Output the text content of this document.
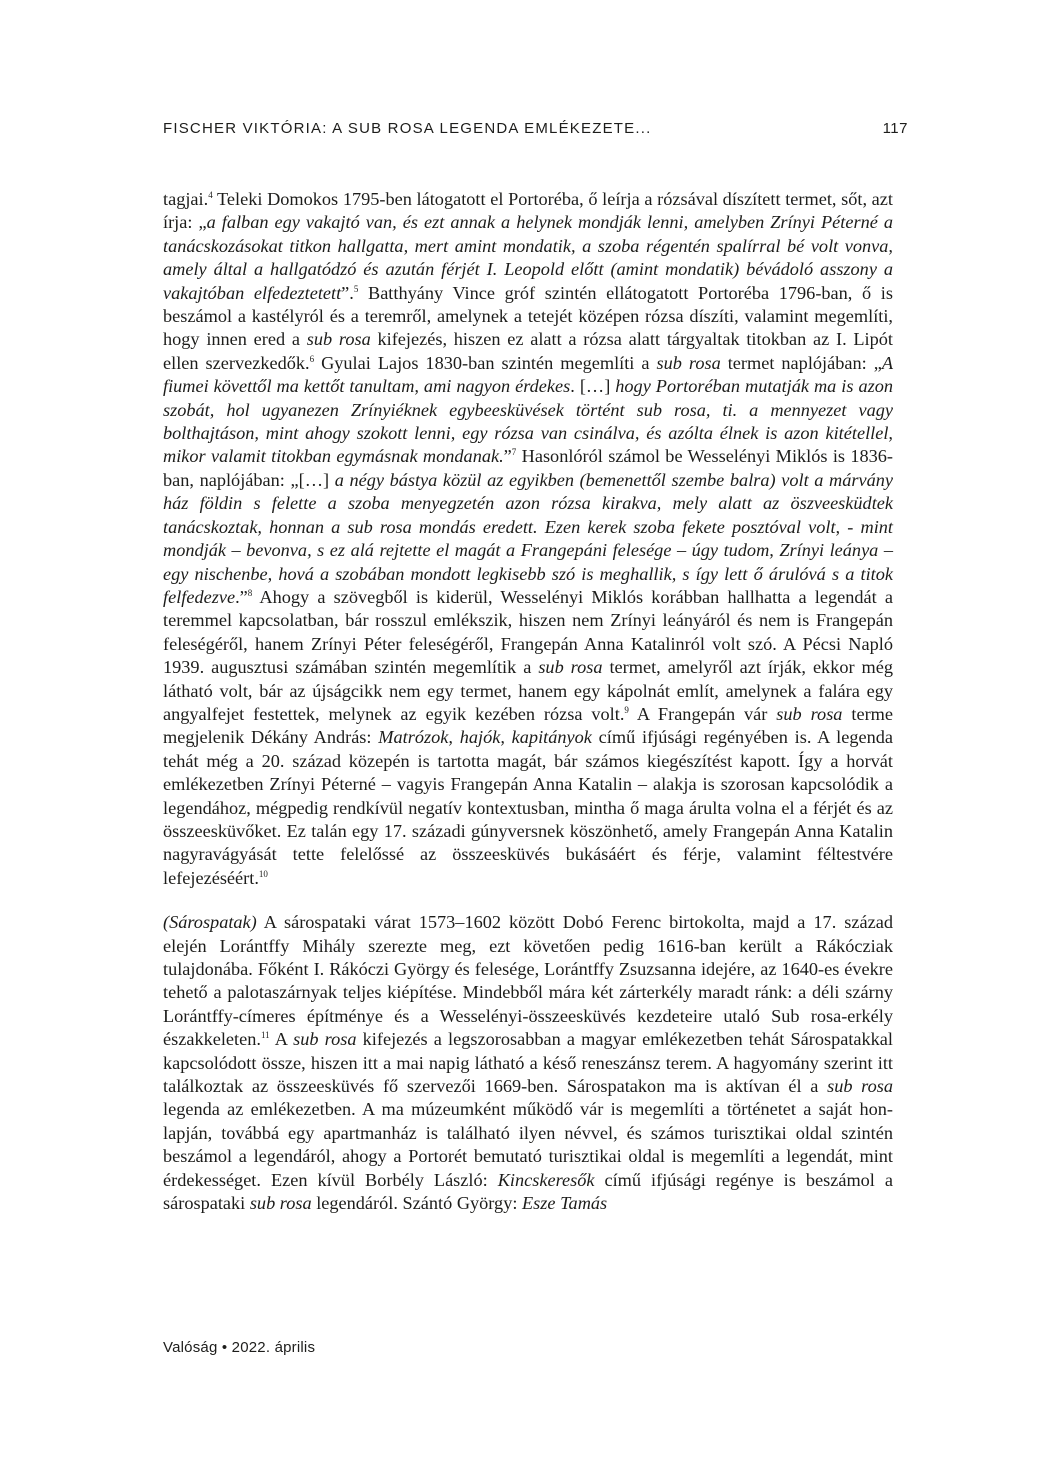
FISCHER VIKTÓRIA: A SUB ROSA LEGENDA EMLÉKEZETE...	117

tagjai.$^4$ Teleki Domokos 1795-ben látogatott el Portoréba, ő leírja a rózsával díszített termet, sőt, azt írja: „a falban egy vakajtó van, és ezt annak a helynek mondják lenni, amelyben Zrínyi Péterné a tanácskozásokat titkon hallgatta, mert amint mondatik, a szoba régentén spalírral bé volt vonva, amely által a hallgatódzó és azután férjét I. Leopold előtt (amint mondatik) bévádoló asszony a vakajtóban elfedeztetett”.$^5$ Batthyány Vince gróf szintén ellátogatott Portoréba 1796-ban, ő is beszámol a kastélyról és a teremről, amelynek a tetejét középen rózsa díszíti, valamint megemlíti, hogy innen ered a sub rosa kifejezés, hiszen ez alatt a rózsa alatt tárgyaltak titokban az I. Lipót ellen szervezkedők.$^6$ Gyulai Lajos 1830-ban szintén megemlíti a sub rosa termet naplójában: „A fiumei követtől ma kettőt tanultam, ami nagyon érdekes. […] hogy Portoréban mutatják ma is azon szobát, hol ugyanezen Zrínyiéknek egybeesküvések történt sub rosa, ti. a mennyezet vagy bolthajtáson, mint ahogy szokott lenni, egy rózsa van csinálva, és azólta élnek is azon kitétellel, mikor valamit titokban egymásnak mondanak.”$^7$ Hasonlóról számol be Wesselényi Miklós is 1836-ban, naplójában: „[…] a négy bástya közül az egyikben (bemenettől szembe balra) volt a márvány ház földin s felette a szoba menyegzetén azon rózsa kirakva, mely alatt az öszveesküdtek tanácskoztak, honnan a sub rosa mondás eredett. Ezen kerek szoba fekete posztóval volt, - mint mondják – bevonva, s ez alá rejtette el magát a Frangepáni felesége – úgy tudom, Zrínyi leánya – egy nischenbe, hová a szobában mondott legkisebb szó is meghallik, s így lett ő árulóvá s a titok felfedezve.”$^8$ Ahogy a szövegből is kiderül, Wesselényi Miklós korábban hallhatta a legendát a teremmel kapcsolatban, bár rosszul emlékszik, hiszen nem Zrínyi leányáról és nem is Frangepán feleségéről, hanem Zrínyi Péter feleségéről, Frangepán Anna Katalinról volt szó. A Pécsi Napló 1939. augusztusi számában szintén megemlítik a sub rosa termet, amelyről azt írják, ekkor még látható volt, bár az újságcikk nem egy termet, hanem egy kápolnát említ, amelynek a falára egy angyalfejet festettek, melynek az egyik kezében rózsa volt.$^9$ A Frangepán vár sub rosa terme megjelenik Dékány András: Matrózok, hajók, kapitányok című ifjúsági regényében is. A legenda tehát még a 20. század közepén is tartotta magát, bár számos kiegészítést kapott. Így a horvát emlékezetben Zrínyi Péterné – vagyis Frangepán Anna Katalin – alakja is szorosan kapcsolódik a legendához, mégpedig rendkívül negatív kontextusban, mintha ő maga árulta volna el a férjét és az összeesküvőket. Ez talán egy 17. századi gúnyversnek köszönhető, amely Frangepán Anna Katalin nagyravágyását tette felelőssé az összeesküvés bukásáért és férje, valamint féltestvére lefejezéséért.$^{10}$

(Sárospatak) A sárospataki várat 1573–1602 között Dobó Ferenc birtokolta, majd a 17. század elején Lorántffy Mihály szerezte meg, ezt követően pedig 1616-ban került a Rákócziak tulajdonába. Főként I. Rákóczi György és felesége, Lorántffy Zsuzsanna idejére, az 1640-es évekre tehető a palotaszárnyak teljes kiépítése. Mindebből mára két zárterkély maradt ránk: a déli szárny Lorántffy-címeres építménye és a Wesselényi-összeesküvés kezdeteire utaló Sub rosa-erkély északkeleten.$^{11}$ A sub rosa kifejezés a legszorosabban a magyar emlékezetben tehát Sárospatakkal kapcsolódott össze, hiszen itt a mai napig látható a késő reneszánsz terem. A hagyomány szerint itt találkoztak az összeesküvés fő szervezői 1669-ben. Sárospatakon ma is aktívan él a sub rosa legenda az emlékezetben. A ma múzeumként működő vár is megemlíti a történetet a saját honlapján, továbbá egy apartmanház is található ilyen névvel, és számos turisztikai oldal szintén beszámol a legendáról, ahogy a Portorét bemutató turisztikai oldal is megemlíti a legendát, mint érdekességet. Ezen kívül Borbély László: Kincskeresők című ifjúsági regénye is beszámol a sárospataki sub rosa legendáról. Szántó György: Esze Tamás

Valóság • 2022. április
